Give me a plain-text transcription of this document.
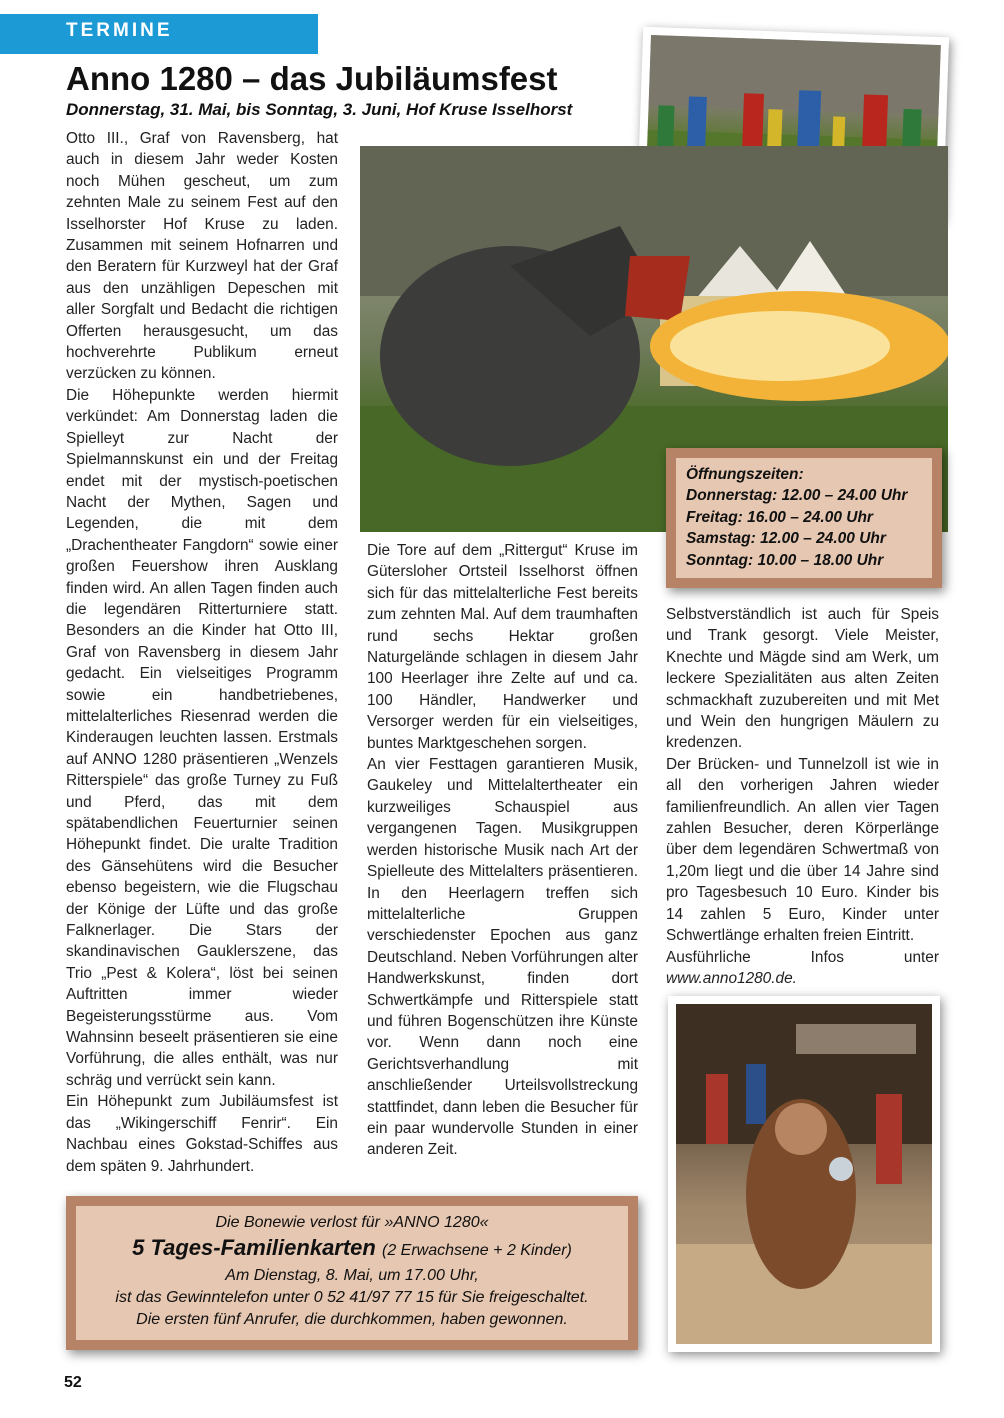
TERMINE
Anno 1280 – das Jubiläumsfest
Donnerstag, 31. Mai, bis Sonntag, 3. Juni, Hof Kruse Isselhorst

Otto III., Graf von Ravensberg, hat auch in diesem Jahr weder Kosten noch Mühen gescheut, um zum zehnten Male zu seinem Fest auf den Isselhorster Hof Kruse zu laden. Zusammen mit seinem Hofnarren und den Beratern für Kurzweyl hat der Graf aus den unzähligen Depeschen mit aller Sorgfalt und Bedacht die richtigen Offerten herausgesucht, um das hochverehrte Publikum erneut verzücken zu können.

Die Höhepunkte werden hiermit verkündet: Am Donnerstag laden die Spielleyt zur Nacht der Spielmannskunst ein und der Freitag endet mit der mystisch-poetischen Nacht der Mythen, Sagen und Legenden, die mit dem „Drachentheater Fangdorn“ sowie einer großen Feuershow ihren Ausklang finden wird. An allen Tagen finden auch die legendären Ritterturniere statt. Besonders an die Kinder hat Otto III, Graf von Ravensberg in diesem Jahr gedacht. Ein vielseitiges Programm sowie ein handbetriebenes, mittelalterliches Riesenrad werden die Kinderaugen leuchten lassen. Erstmals auf ANNO 1280 präsentieren „Wenzels Ritterspiele“ das große Turney zu Fuß und Pferd, das mit dem spätabendlichen Feuerturnier seinen Höhepunkt findet. Die uralte Tradition des Gänsehütens wird die Besucher ebenso begeistern, wie die Flugschau der Könige der Lüfte und das große Falknerlager. Die Stars der skandinavischen Gauklerszene, das Trio „Pest & Kolera“, löst bei seinen Auftritten immer wieder Begeisterungsstürme aus. Vom Wahnsinn beseelt präsentieren sie eine Vorführung, die alles enthält, was nur schräg und verrückt sein kann.

Ein Höhepunkt zum Jubiläumsfest ist das „Wikingerschiff Fenrir“. Ein Nachbau eines Gokstad-Schiffes aus dem späten 9. Jahrhundert.

Die Tore auf dem „Rittergut“ Kruse im Gütersloher Ortsteil Isselhorst öffnen sich für das mittelalterliche Fest bereits zum zehnten Mal. Auf dem traumhaften rund sechs Hektar großen Naturgelände schlagen in diesem Jahr 100 Heerlager ihre Zelte auf und ca. 100 Händler, Handwerker und Versorger werden für ein vielseitiges, buntes Marktgeschehen sorgen.

An vier Festtagen garantieren Musik, Gaukeley und Mittelaltertheater ein kurzweiliges Schauspiel aus vergangenen Tagen. Musikgruppen werden historische Musik nach Art der Spielleute des Mittelalters präsentieren. In den Heerlagern treffen sich mittelalterliche Gruppen verschiedenster Epochen aus ganz Deutschland. Neben Vorführungen alter Handwerkskunst, finden dort Schwertkämpfe und Ritterspiele statt und führen Bogenschützen ihre Künste vor. Wenn dann noch eine Gerichtsverhandlung mit anschließender Urteilsvollstreckung stattfindet, dann leben die Besucher für ein paar wundervolle Stunden in einer anderen Zeit.

Öffnungszeiten:
Donnerstag: 12.00 – 24.00 Uhr
Freitag: 16.00 – 24.00 Uhr
Samstag: 12.00 – 24.00 Uhr
Sonntag: 10.00 – 18.00 Uhr

Selbstverständlich ist auch für Speis und Trank gesorgt. Viele Meister, Knechte und Mägde sind am Werk, um leckere Spezialitäten aus alten Zeiten schmackhaft zuzubereiten und mit Met und Wein den hungrigen Mäulern zu kredenzen.

Der Brücken- und Tunnelzoll ist wie in all den vorherigen Jahren wieder familienfreundlich. An allen vier Tagen zahlen Besucher, deren Körperlänge über dem legendären Schwertmaß von 1,20m liegt und die über 14 Jahre sind pro Tagesbesuch 10 Euro. Kinder bis 14 zahlen 5 Euro, Kinder unter Schwertlänge erhalten freien Eintritt.

Ausführliche Infos unter www.anno1280.de.

Die Bonewie verlost für »ANNO 1280«
5 Tages-Familienkarten (2 Erwachsene + 2 Kinder)
Am Dienstag, 8. Mai, um 17.00 Uhr,
ist das Gewinntelefon unter 0 52 41/97 77 15 für Sie freigeschaltet.
Die ersten fünf Anrufer, die durchkommen, haben gewonnen.
52
